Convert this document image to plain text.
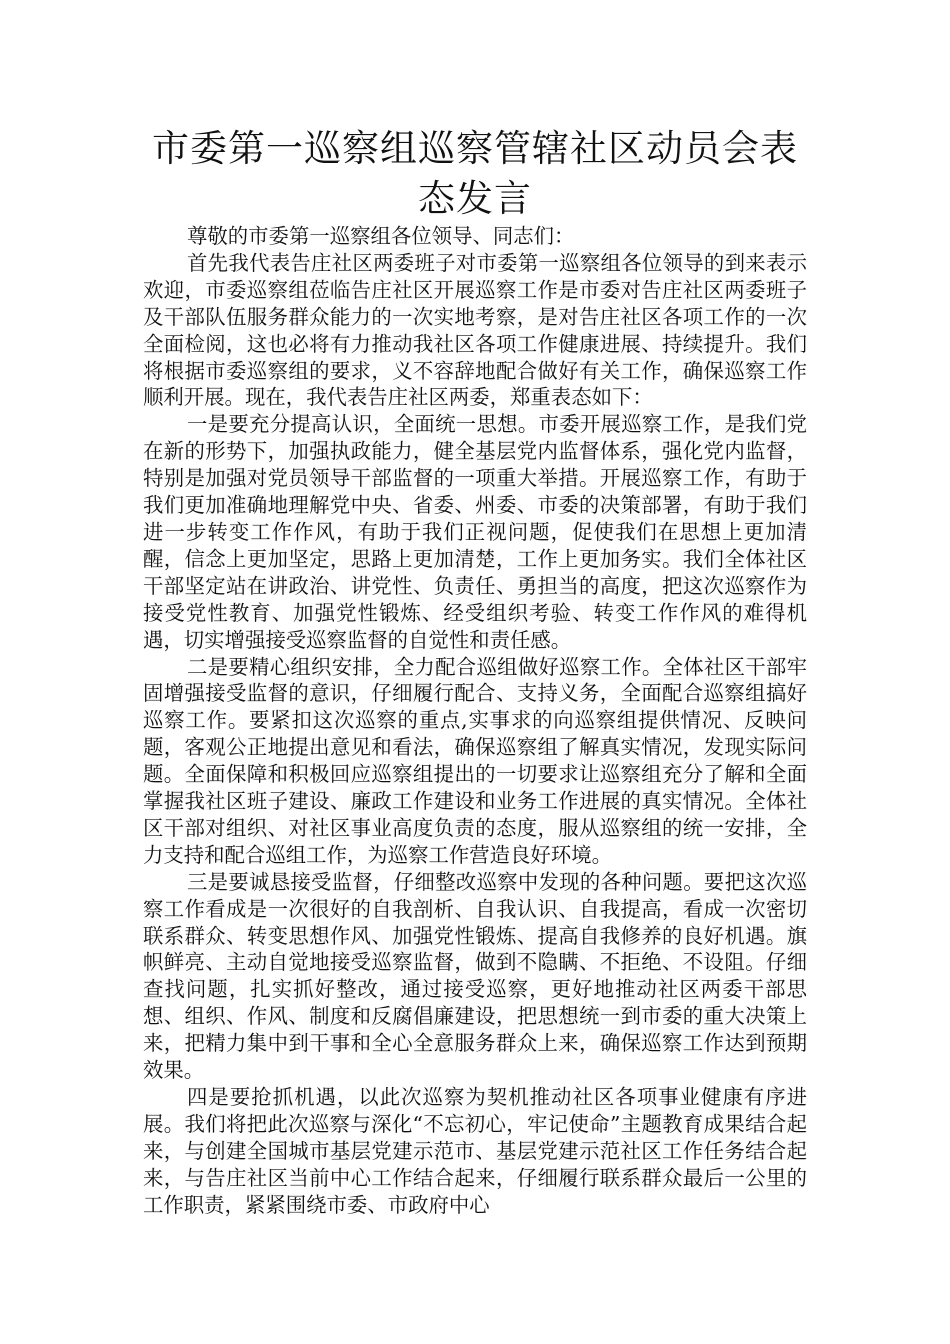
市委第一巡察组巡察管辖社区动员会表态发言

尊敬的市委第一巡察组各位领导、同志们：

首先我代表告庄社区两委班子对市委第一巡察组各位领导的到来表示欢迎，市委巡察组莅临告庄社区开展巡察工作是市委对告庄社区两委班子及干部队伍服务群众能力的一次实地考察，是对告庄社区各项工作的一次全面检阅，这也必将有力推动我社区各项工作健康进展、持续提升。我们将根据市委巡察组的要求，义不容辞地配合做好有关工作，确保巡察工作顺利开展。现在，我代表告庄社区两委，郑重表态如下：

一是要充分提高认识，全面统一思想。市委开展巡察工作，是我们党在新的形势下，加强执政能力，健全基层党内监督体系，强化党内监督，特别是加强对党员领导干部监督的一项重大举措。开展巡察工作，有助于我们更加准确地理解党中央、省委、州委、市委的决策部署，有助于我们进一步转变工作作风，有助于我们正视问题，促使我们在思想上更加清醒，信念上更加坚定，思路上更加清楚，工作上更加务实。我们全体社区干部坚定站在讲政治、讲党性、负责任、勇担当的高度，把这次巡察作为接受党性教育、加强党性锻炼、经受组织考验、转变工作作风的难得机遇，切实增强接受巡察监督的自觉性和责任感。

二是要精心组织安排，全力配合巡组做好巡察工作。全体社区干部牢固增强接受监督的意识，仔细履行配合、支持义务，全面配合巡察组搞好巡察工作。要紧扣这次巡察的重点,实事求的向巡察组提供情况、反映问题，客观公正地提出意见和看法，确保巡察组了解真实情况，发现实际问题。全面保障和积极回应巡察组提出的一切要求让巡察组充分了解和全面掌握我社区班子建设、廉政工作建设和业务工作进展的真实情况。全体社区干部对组织、对社区事业高度负责的态度，服从巡察组的统一安排，全力支持和配合巡组工作，为巡察工作营造良好环境。

三是要诚恳接受监督，仔细整改巡察中发现的各种问题。要把这次巡察工作看成是一次很好的自我剖析、自我认识、自我提高，看成一次密切联系群众、转变思想作风、加强党性锻炼、提高自我修养的良好机遇。旗帜鲜亮、主动自觉地接受巡察监督，做到不隐瞒、不拒绝、不设阻。仔细查找问题，扎实抓好整改，通过接受巡察，更好地推动社区两委干部思想、组织、作风、制度和反腐倡廉建设，把思想统一到市委的重大决策上来，把精力集中到干事和全心全意服务群众上来，确保巡察工作达到预期效果。

四是要抢抓机遇，以此次巡察为契机推动社区各项事业健康有序进展。我们将把此次巡察与深化“不忘初心，牢记使命”主题教育成果结合起来，与创建全国城市基层党建示范市、基层党建示范社区工作任务结合起来，与告庄社区当前中心工作结合起来，仔细履行联系群众最后一公里的工作职责，紧紧围绕市委、市政府中心
